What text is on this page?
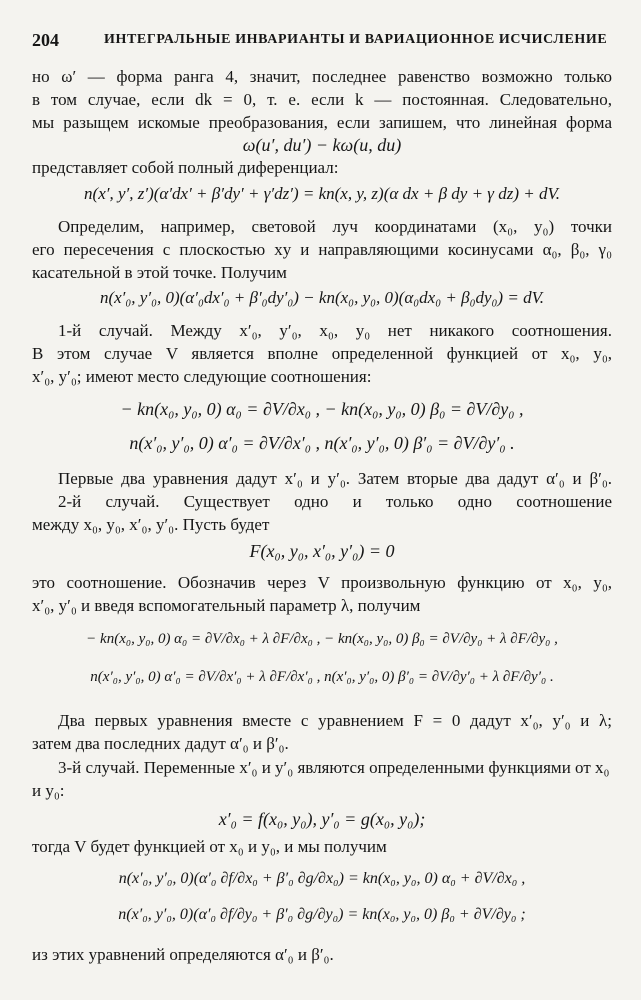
204	ИНТЕГРАЛЬНЫЕ ИНВАРИАНТЫ И ВАРИАЦИОННОЕ ИСЧИСЛЕНИЕ
но ω′ — форма ранга 4, значит, последнее равенство возможно только
в том случае, если dk = 0, т. е. если k — постоянная. Следовательно,
мы разыщем искомые преобразования, если запишем, что линейная форма
ω(u′, du′) − kω(u, du)
представляет собой полный диференциал:
n(x′, y′, z′)(α′dx′ + β′dy′ + γ′dz′) = kn(x, y, z)(α dx + β dy + γ dz) + dV.
Определим, например, световой луч координатами (x₀, y₀) точки
его пересечения с плоскостью xy и направляющими косинусами α₀, β₀, γ₀
касательной в этой точке. Получим
n(x′₀, y′₀, 0)(α′₀dx′₀ + β′₀dy′₀) − kn(x₀, y₀, 0)(α₀dx₀ + β₀dy₀) = dV.
1-й случай. Между x′₀, y′₀, x₀, y₀ нет никакого соотношения.
В этом случае V является вполне определенной функцией от x₀, y₀,
x′₀, y′₀; имеют место следующие соотношения:
− kn(x₀, y₀, 0) α₀ = ∂V/∂x₀ , − kn(x₀, y₀, 0) β₀ = ∂V/∂y₀ ,
n(x′₀, y′₀, 0) α′₀ = ∂V/∂x′₀ , n(x′₀, y′₀, 0) β′₀ = ∂V/∂y′₀ .
Первые два уравнения дадут x′₀ и y′₀. Затем вторые два дадут α′₀ и β′₀.
2-й случай. Существует одно и только одно соотношение
между x₀, y₀, x′₀, y′₀. Пусть будет
F(x₀, y₀, x′₀, y′₀) = 0
это соотношение. Обозначив через V произвольную функцию от x₀, y₀,
x′₀, y′₀ и введя вспомогательный параметр λ, получим
− kn(x₀, y₀, 0) α₀ = ∂V/∂x₀ + λ ∂F/∂x₀ , − kn(x₀, y₀, 0) β₀ = ∂V/∂y₀ + λ ∂F/∂y₀ ,
n(x′₀, y′₀, 0) α′₀ = ∂V/∂x′₀ + λ ∂F/∂x′₀ , n(x′₀, y′₀, 0) β′₀ = ∂V/∂y′₀ + λ ∂F/∂y′₀ .
Два первых уравнения вместе с уравнением F = 0 дадут x′₀, y′₀ и λ;
затем два последних дадут α′₀ и β′₀.
3-й случай. Переменные x′₀ и y′₀ являются определенными функциями от x₀ и y₀:
x′₀ = f(x₀, y₀), y′₀ = g(x₀, y₀);
тогда V будет функцией от x₀ и y₀, и мы получим
n(x′₀, y′₀, 0)(α′₀ ∂f/∂x₀ + β′₀ ∂g/∂x₀) = kn(x₀, y₀, 0) α₀ + ∂V/∂x₀ ,
n(x′₀, y′₀, 0)(α′₀ ∂f/∂y₀ + β′₀ ∂g/∂y₀) = kn(x₀, y₀, 0) β₀ + ∂V/∂y₀ ;
из этих уравнений определяются α′₀ и β′₀.
